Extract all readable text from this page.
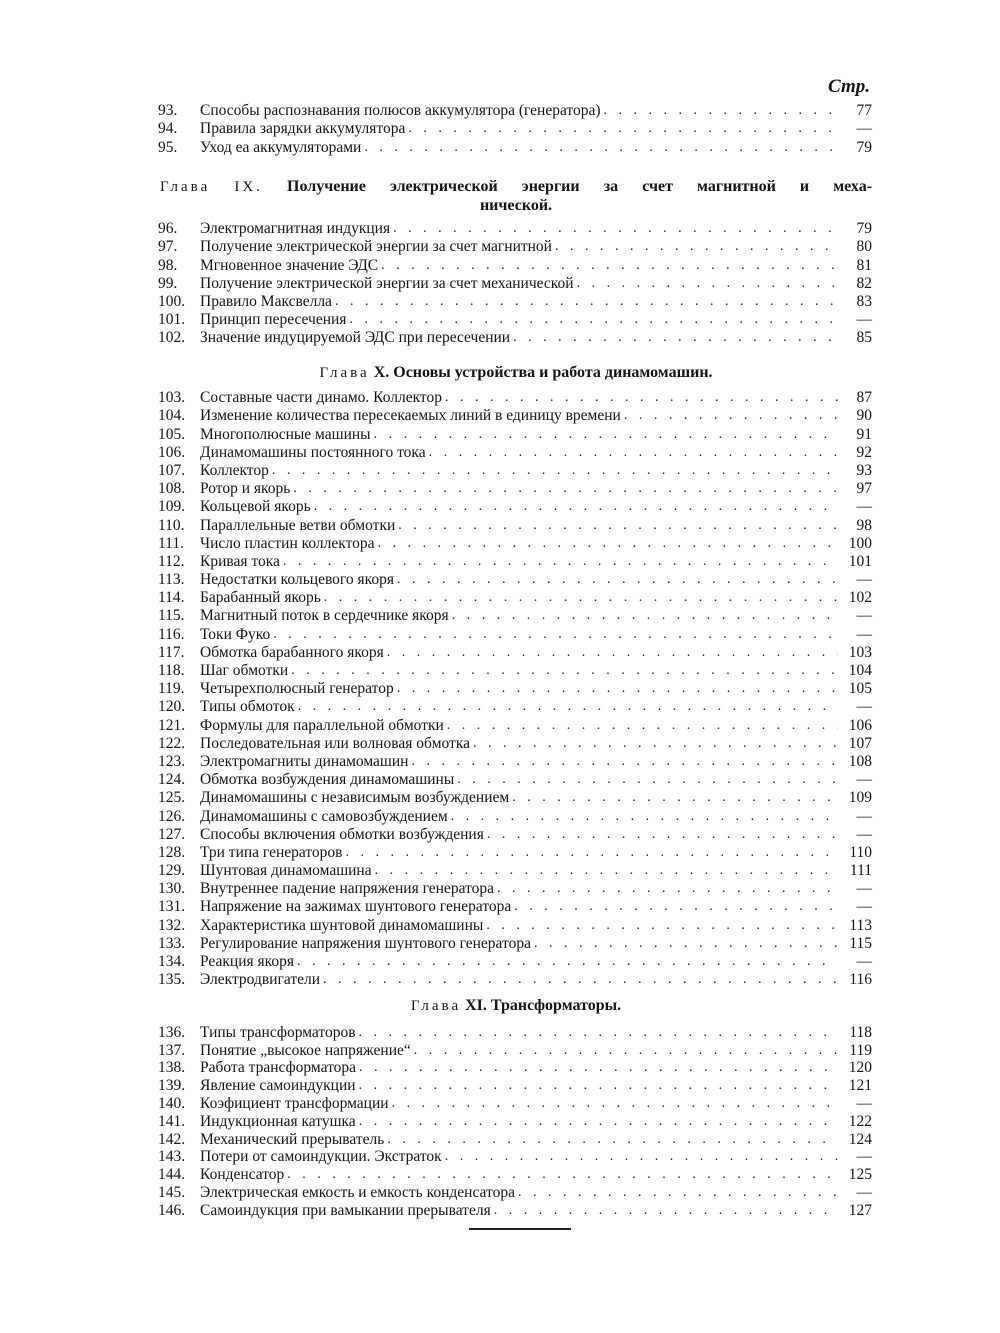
Стр.
93.	Способы распознавания полюсов аккумулятора (генератора) . . .	77
94.	Правила зарядки аккумулятора . . .	—
95.	Уход ea аккумуляторами . . .	79
Глава IX. Получение электрической энергии за счет магнитной и меха-
нической.
96.	Электромагнитная индукция . . .	79
97.	Получение электрической энергии за счет магнитной . . .	80
98.	Мгновенное значение ЭДС . . .	81
99.	Получение электрической энергии за счет механической . . .	82
100. Правило Максвелла . . .	83
101. Принцип пересечения . . .	—
102. Значение индуцируемой ЭДС при пересечении . . .	85
Глава X. Основы устройства и работа динамомашин.
103. Составные части динамо. Коллектор . . .	87
104. Изменение количества пересекаемых линий в единицу времени . . .	90
105. Многополюсные машины . . .	91
106. Динамомашины постоянного тока . . .	92
107. Коллектор . . .	93
108. Ротор и якорь . . .	97
109. Кольцевой якорь . . .	—
110. Параллельные ветви обмотки . . .	98
111.	Число пластин коллектора . . .	100
112. Кривая тока . . .	101
113. Недостатки кольцевого якоря . . .	—
114. Барабанный якорь . . .	102
115. Магнитный поток в сердечнике якоря . . .	—
116. Токи Фуко . . .	—
117. Обмотка барабанного якоря . . .	103
118. Шаг обмотки . . .	104
119. Четырехполюсный генератор . . .	105
120. Типы обмоток . . .	—
121. Формулы для параллельной обмотки . . .	106
122. Последовательная или волновая обмотка . . .	107
123. Электромагниты динамомашин . . .	108
124. Обмотка возбуждения динамомашины . . .	—
125. Динамомашины с независимым возбуждением . . .	109
126. Динамомашины с самовозбуждением . . .	—
127. Способы включения обмотки возбуждения . . .	—
128. Три типа генераторов . . .	110
129. Шунтовая динамомашина . . .	111
130. Внутреннее падение напряжения генератора . . .	—
131. Напряжение на зажимах шунтового генератора . . .	—
132. Характеристика шунтовой динамомашины . . .	113
133. Регулирование напряжения шунтового генератора . . .	115
134. Реакция якоря . . .	—
135. Электродвигатели . . .	116
Глава XI. Трансформаторы.
136. Типы трансформаторов . . .	118
137. Понятие „высокое напряжение“ . . .	119
138. Работа трансформатора . . .	120
139. Явление самоиндукции . . .	121
140. Коэфициент трансформации . . .	—
141. Индукционная катушка . . .	122
142. Механический прерыватель . . .	124
143. Потери от самоиндукции. Экстраток . . .	—
144. Конденсатор . . .	125
145. Электрическая емкость и емкость конденсатора . . .	—
146. Самоиндукция при вамыкании прерывателя . . .	127
